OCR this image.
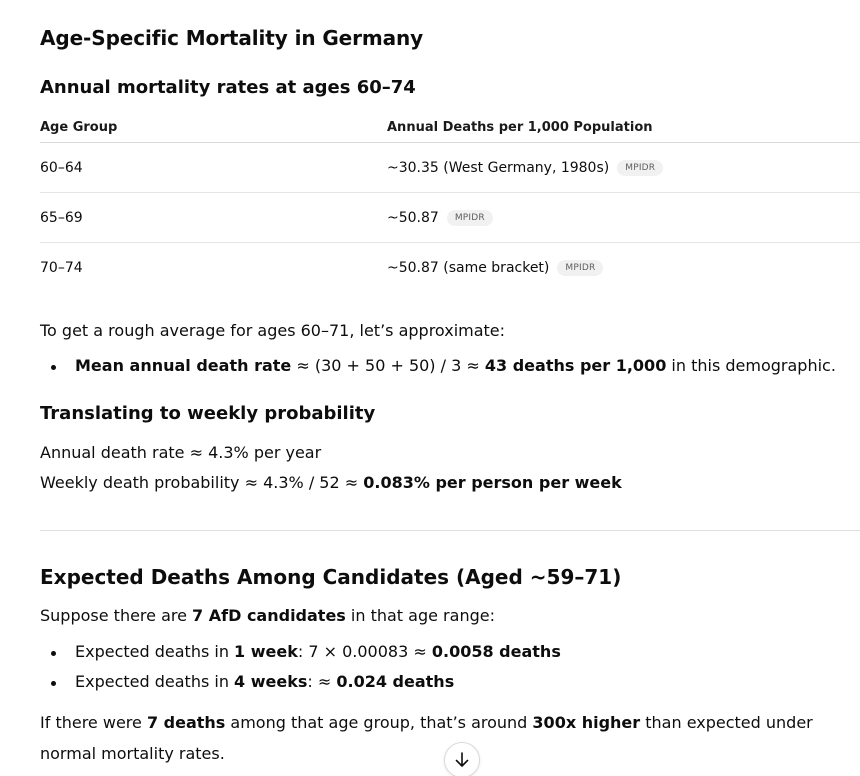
Age-Specific Mortality in Germany
Annual mortality rates at ages 60–74
Age Group	Annual Deaths per 1,000 Population
60–64	~30.35 (West Germany, 1980s)	MPIDR
65–69	~50.87	MPIDR
70–74	~50.87 (same bracket)	MPIDR

To get a rough average for ages 60–71, let’s approximate:

Mean annual death rate ≈ (30 + 50 + 50) / 3 ≈ 43 deaths per 1,000 in this demographic.
Translating to weekly probability
Annual death rate ≈ 4.3% per year
Weekly death probability ≈ 4.3% / 52 ≈ 0.083% per person per week
Expected Deaths Among Candidates (Aged ~59–71)

Suppose there are 7 AfD candidates in that age range:

Expected deaths in 1 week: 7 × 0.00083 ≈ 0.0058 deaths
Expected deaths in 4 weeks: ≈ 0.024 deaths

If there were 7 deaths among that age group, that’s around 300x higher than expected under normal mortality rates.
